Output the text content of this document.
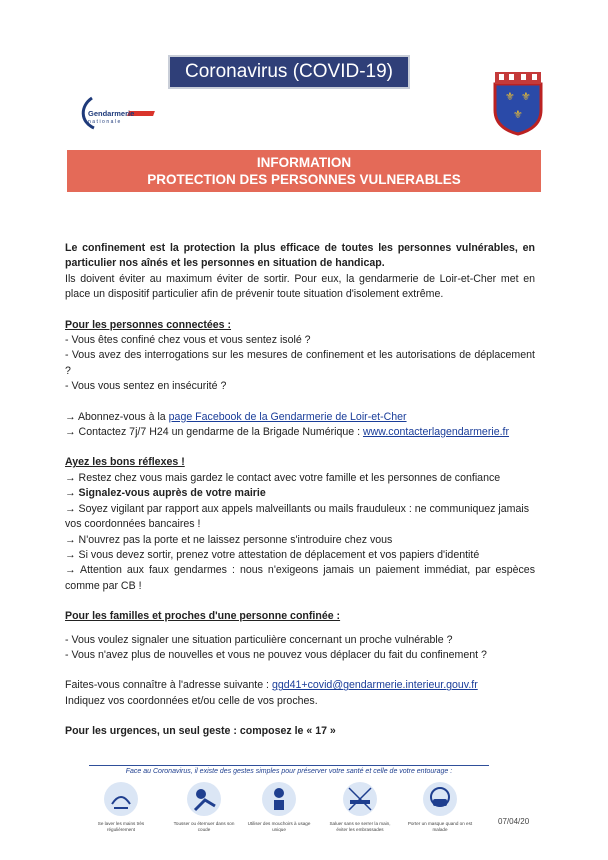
Coronavirus (COVID-19)
Gendarmerie
nationale
⚜ ⚜
⚜
INFORMATION
PROTECTION DES PERSONNES VULNERABLES

Le confinement est la protection la plus efficace de toutes les personnes vulnérables, en particulier nos aînés et les personnes en situation de handicap.

Ils doivent éviter au maximum éviter de sortir. Pour eux, la gendarmerie de Loir-et-Cher met en place un dispositif particulier afin de prévenir toute situation d'isolement extrême.

Pour les personnes connectées :

- Vous êtes confiné chez vous et vous sentez isolé ?

- Vous avez des interrogations sur les mesures de confinement et les autorisations de déplacement ?

- Vous vous sentez en insécurité ?

→ Abonnez-vous à la page Facebook de la Gendarmerie de Loir-et-Cher

→ Contactez 7j/7 H24 un gendarme de la Brigade Numérique : www.contacterlagendarmerie.fr

Ayez les bons réflexes !

→ Restez chez vous mais gardez le contact avec votre famille et les personnes de confiance

→ Signalez-vous auprès de votre mairie

→ Soyez vigilant par rapport aux appels malveillants ou mails frauduleux : ne communiquez jamais vos coordonnées bancaires !

→ N'ouvrez pas la porte et ne laissez personne s'introduire chez vous

→ Si vous devez sortir, prenez votre attestation de déplacement et vos papiers d'identité

→ Attention aux faux gendarmes : nous n'exigeons jamais un paiement immédiat, par espèces comme par CB !

Pour les familles et proches d'une personne confinée :

- Vous voulez signaler une situation particulière concernant un proche vulnérable ?

- Vous n'avez plus de nouvelles et vous ne pouvez vous déplacer du fait du confinement ?

Faites-vous connaître à l'adresse suivante : ggd41+covid@gendarmerie.interieur.gouv.fr

Indiquez vos coordonnées et/ou celle de vos proches.

Pour les urgences, un seul geste : composez le « 17 »

Face au Coronavirus, il existe des gestes simples pour préserver votre santé et celle de votre entourage :
Se laver les mains très régulièrement
Tousser ou éternuer dans son coude
Utiliser des mouchoirs à usage unique
Saluer sans se serrer la main, éviter les embrassades
Porter un masque quand on est malade
07/04/20
